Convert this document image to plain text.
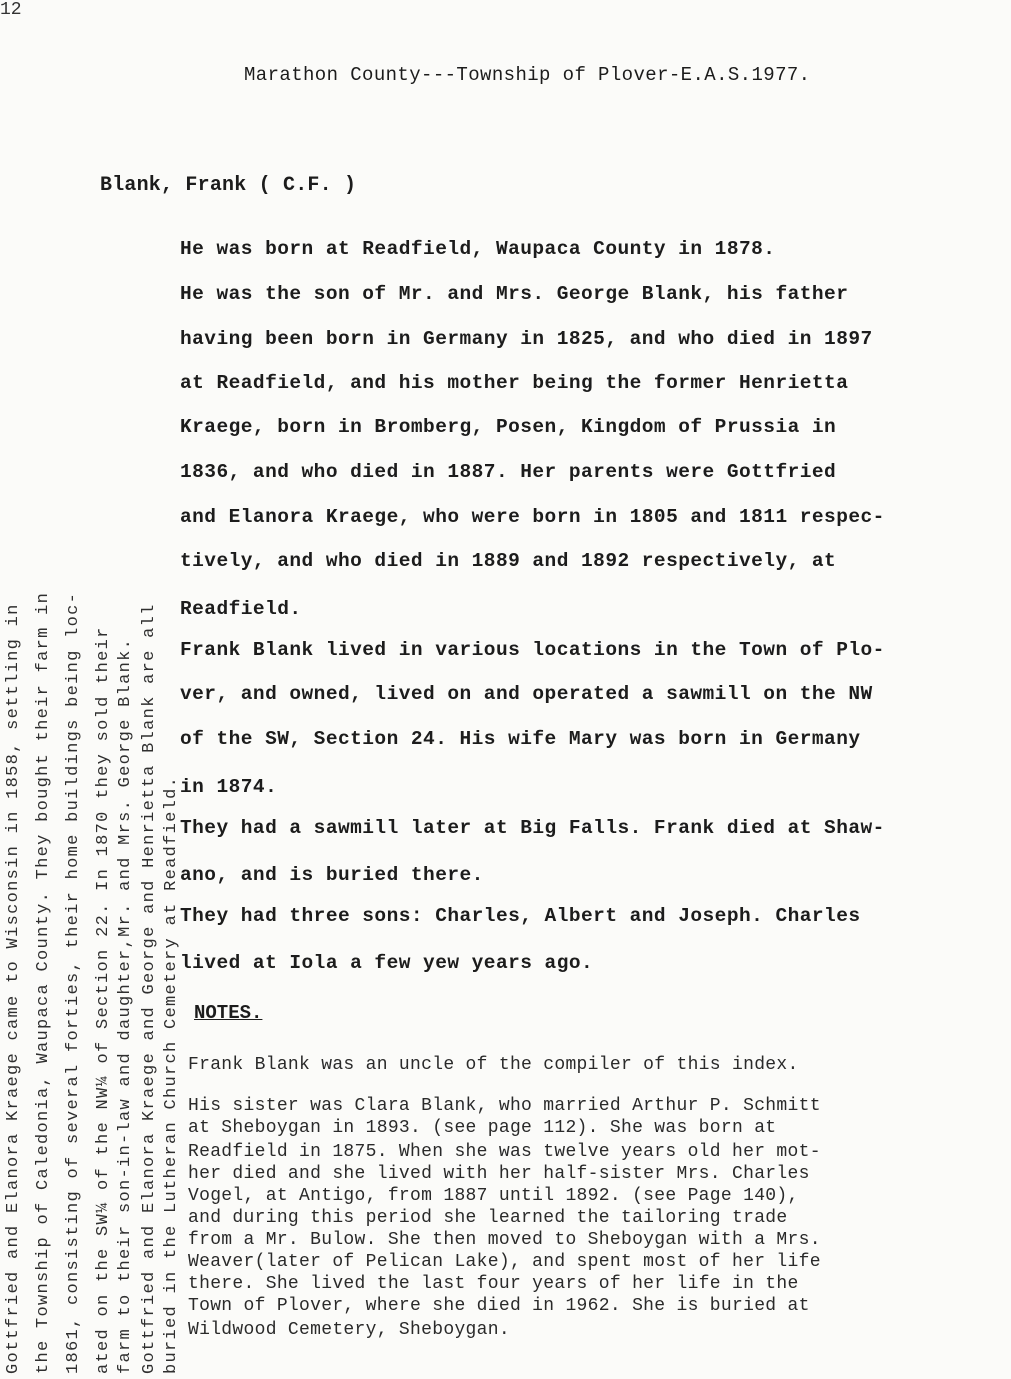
12
Marathon County---Township of Plover-E.A.S.1977.
Blank, Frank ( C.F. )
He was born at Readfield, Waupaca County in 1878.
He was the son of Mr. and Mrs. George Blank, his father
having been born in Germany in 1825, and who died in 1897
at Readfield, and his mother being the former Henrietta
Kraege, born in Bromberg, Posen, Kingdom of Prussia in
1836, and who died in 1887. Her parents were Gottfried
and Elanora Kraege, who were born in 1805 and 1811 respec-
tively, and who died in 1889 and 1892 respectively, at
Readfield.
Frank Blank lived in various locations in the Town of Plo-
ver, and owned, lived on and operated a sawmill on the NW
of the SW, Section 24. His wife Mary was born in Germany
in 1874.
They had a sawmill later at Big Falls. Frank died at Shaw-
ano, and is buried there.
They had three sons: Charles, Albert and Joseph. Charles
lived at Iola a few yew years ago.
NOTES.
Frank Blank was an uncle of the compiler of this index.
His sister was Clara Blank, who married Arthur P. Schmitt
at Sheboygan in 1893. (see page 112). She was born at
Readfield in 1875. When she was twelve years old her mot-
her died and she lived with her half-sister Mrs. Charles
Vogel, at Antigo, from 1887 until 1892. (see Page 140),
and during this period she learned the tailoring trade
from a Mr. Bulow. She then moved to Sheboygan with a Mrs.
Weaver(later of Pelican Lake), and spent most of her life
there. She lived the last four years of her life in the
Town of Plover, where she died in 1962. She is buried at
Wildwood Cemetery, Sheboygan.
Gottfried and Elanora Kraege came to Wisconsin in 1858, settling in the Township of Caledonia, Waupaca County. They bought their farm in 1861, consisting of several forties, their home buildings being loc- ated on the SW¼ of the NW¼ of Section 22. In 1870 they sold their farm to their son-in-law and daughter,Mr. and Mrs. George Blank. Gottfried and Elanora Kraege and George and Henrietta Blank are all buried in the Lutheran Church Cemetery at Readfield.
